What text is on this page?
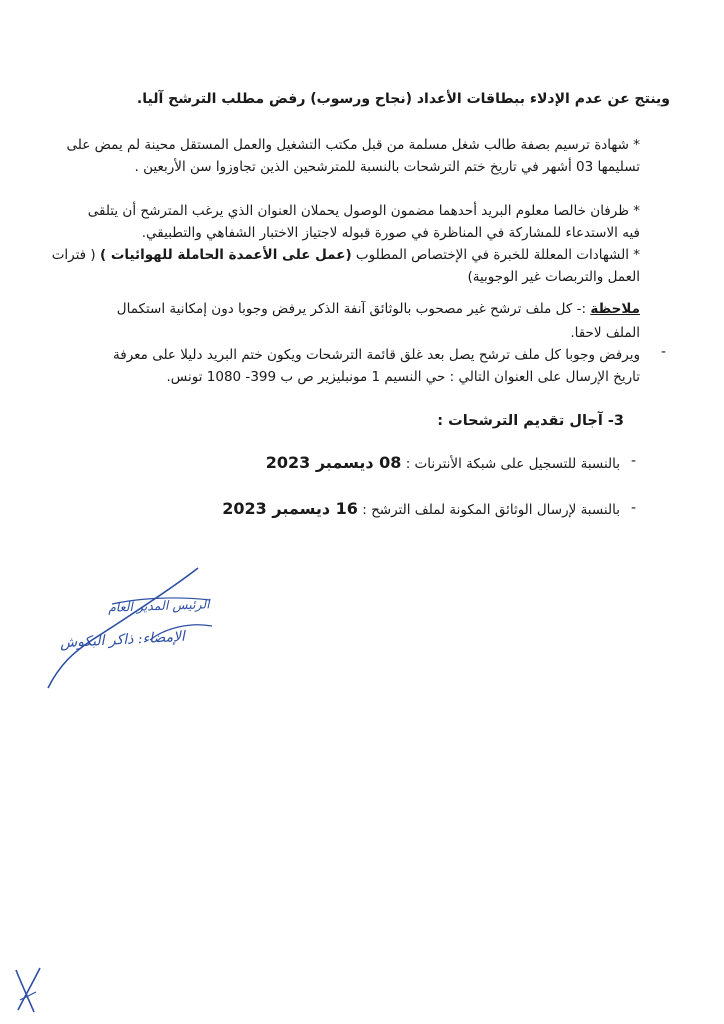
وينتج عن عدم الإدلاء ببطاقات الأعداد (نجاح ورسوب) رفض مطلب الترشح آليا.

* شهادة ترسيم بصفة طالب شغل مسلمة من قبل مكتب التشغيل والعمل المستقل محينة لم يمض على

تسليمها 03 أشهر في تاريخ ختم الترشحات بالنسبة للمترشحين الذين تجاوزوا سن الأربعين .

* ظرفان خالصا معلوم البريد أحدهما مضمون الوصول يحملان العنوان الذي يرغب المترشح أن يتلقى

فيه الاستدعاء للمشاركة في المناظرة في صورة قبوله لاجتياز الاختبار الشفاهي والتطبيقي.

* الشهادات المعللة للخبرة في الإختصاص المطلوب (عمل على الأعمدة الحاملة للهوائيات ) ( فترات

العمل والتربصات غير الوجوبية)

ملاحظة :- كل ملف ترشح غير مصحوب بالوثائق آنفة الذكر يرفض وجوبا دون إمكانية استكمال

الملف لاحقا.

-

ويرفض وجوبا كل ملف ترشح يصل بعد غلق قائمة الترشحات ويكون ختم البريد دليلا على معرفة

تاريخ الإرسال على العنوان التالي : حي النسيم 1 مونبليزير ص ب 399- 1080 تونس.

3- آجال تقديم الترشحات :

-

بالنسبة للتسجيل على شبكة الأنترنات : 08 ديسمبر 2023

-

بالنسبة لإرسال الوثائق المكونة لملف الترشح : 16 ديسمبر 2023

الرئيس المدير العام
الإمضاء: ذاكر البكوش
